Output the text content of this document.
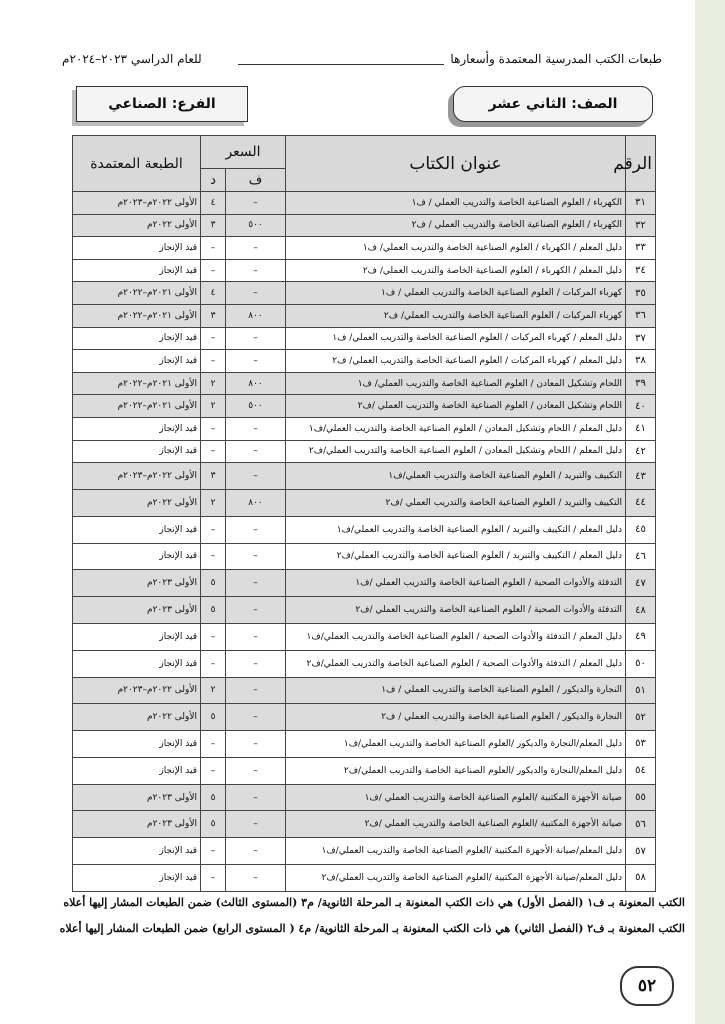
طبعات الكتب المدرسية المعتمدة وأسعارها
للعام الدراسي ٢٠٢٣–٢٠٢٤م
الصف: الثاني عشر
الفرع: الصناعي
الرقم	عنوان الكتاب	السعر		الطبعة المعتمدة
		ف	د	
٣١	الكهرباء / العلوم الصناعية الخاصة والتدريب العملي / ف١	–	٤	الأولى ٢٠٢٢م–٢٠٢٣م
٣٢	الكهرباء / العلوم الصناعية الخاصة والتدريب العملي / ف٢	٥٠٠	٣	الأولى ٢٠٢٢م
٣٣	دليل المعلم / الكهرباء / العلوم الصناعية الخاصة والتدريب العملي/ ف١	–	–	قيد الإنجاز
٣٤	دليل المعلم / الكهرباء / العلوم الصناعية الخاصة والتدريب العملي/ ف٢	–	–	قيد الإنجاز
٣٥	كهرباء المركبات / العلوم الصناعية الخاصة والتدريب العملي / ف١	–	٤	الأولى ٢٠٢١م–٢٠٢٢م
٣٦	كهرباء المركبات / العلوم الصناعية الخاصة والتدريب العملي/ ف٢	٨٠٠	٣	الأولى ٢٠٢١م–٢٠٢٢م
٣٧	دليل المعلم / كهرباء المركبات / العلوم الصناعية الخاصة والتدريب العملي/ ف١	–	–	قيد الإنجاز
٣٨	دليل المعلم / كهرباء المركبات / العلوم الصناعية الخاصة والتدريب العملي/ ف٢	–	–	قيد الإنجاز
٣٩	اللحام وتشكيل المعادن / العلوم الصناعية الخاصة والتدريب العملي/ ف١	٨٠٠	٢	الأولى ٢٠٢١م–٢٠٢٢م
٤٠	اللحام وتشكيل المعادن / العلوم الصناعية الخاصة والتدريب العملي /ف٢	٥٠٠	٢	الأولى ٢٠٢١م–٢٠٢٢م
٤١	دليل المعلم / اللحام وتشكيل المعادن / العلوم الصناعية الخاصة والتدريب العملي/ف١	–	–	قيد الإنجاز
٤٢	دليل المعلم / اللحام وتشكيل المعادن / العلوم الصناعية الخاصة والتدريب العملي/ف٢	–	–	قيد الإنجاز
٤٣	التكييف والتبريد / العلوم الصناعية الخاصة والتدريب العملي/ف١	–	٣	الأولى ٢٠٢٢م–٢٠٢٣م
٤٤	التكييف والتبريد / العلوم الصناعية الخاصة والتدريب العملي /ف٢	٨٠٠	٢	الأولى ٢٠٢٢م
٤٥	دليل المعلم / التكييف والتبريد / العلوم الصناعية الخاصة والتدريب العملي/ف١	–	–	قيد الإنجاز
٤٦	دليل المعلم / التكييف والتبريد / العلوم الصناعية الخاصة والتدريب العملي/ف٢	–	–	قيد الإنجاز
٤٧	التدفئة والأدوات الصحية / العلوم الصناعية الخاصة والتدريب العملي /ف١	–	٥	الأولى ٢٠٢٣م
٤٨	التدفئة والأدوات الصحية / العلوم الصناعية الخاصة والتدريب العملي /ف٢	–	٥	الأولى ٢٠٢٣م
٤٩	دليل المعلم / التدفئة والأدوات الصحية / العلوم الصناعية الخاصة والتدريب العملي/ف١	–	–	قيد الإنجاز
٥٠	دليل المعلم / التدفئة والأدوات الصحية / العلوم الصناعية الخاصة والتدريب العملي/ف٢	–	–	قيد الإنجاز
٥١	النجارة والديكور / العلوم الصناعية الخاصة والتدريب العملي / ف١	–	٢	الأولى ٢٠٢٢م–٢٠٢٣م
٥٢	النجارة والديكور / العلوم الصناعية الخاصة والتدريب العملي / ف٢	–	٥	الأولى ٢٠٢٢م
٥٣	دليل المعلم/النجارة والديكور /العلوم الصناعية الخاصة والتدريب العملي/ف١	–	–	قيد الإنجاز
٥٤	دليل المعلم/النجارة والديكور /العلوم الصناعية الخاصة والتدريب العملي/ف٢	–	–	قيد الإنجاز
٥٥	صيانة الأجهزة المكتبية /العلوم الصناعية الخاصة والتدريب العملي /ف١	–	٥	الأولى ٢٠٢٣م
٥٦	صيانة الأجهزة المكتبية /العلوم الصناعية الخاصة والتدريب العملي /ف٢	–	٥	الأولى ٢٠٢٣م
٥٧	دليل المعلم/صيانة الأجهزة المكتبية /العلوم الصناعية الخاصة والتدريب العملي/ف١	–	–	قيد الإنجاز
٥٨	دليل المعلم/صيانة الأجهزة المكتبية /العلوم الصناعية الخاصة والتدريب العملي/ف٢	–	–	قيد الإنجاز
الكتب المعنونة بـ ف١ (الفصل الأول) هي ذات الكتب المعنونة بـ المرحلة الثانوية/ م٣ (المستوى الثالث) ضمن الطبعات المشار إليها أعلاه
الكتب المعنونة بـ ف٢ (الفصل الثاني) هي ذات الكتب المعنونة بـ المرحلة الثانوية/ م٤ ( المستوى الرابع) ضمن الطبعات المشار إليها أعلاه
٥٢
